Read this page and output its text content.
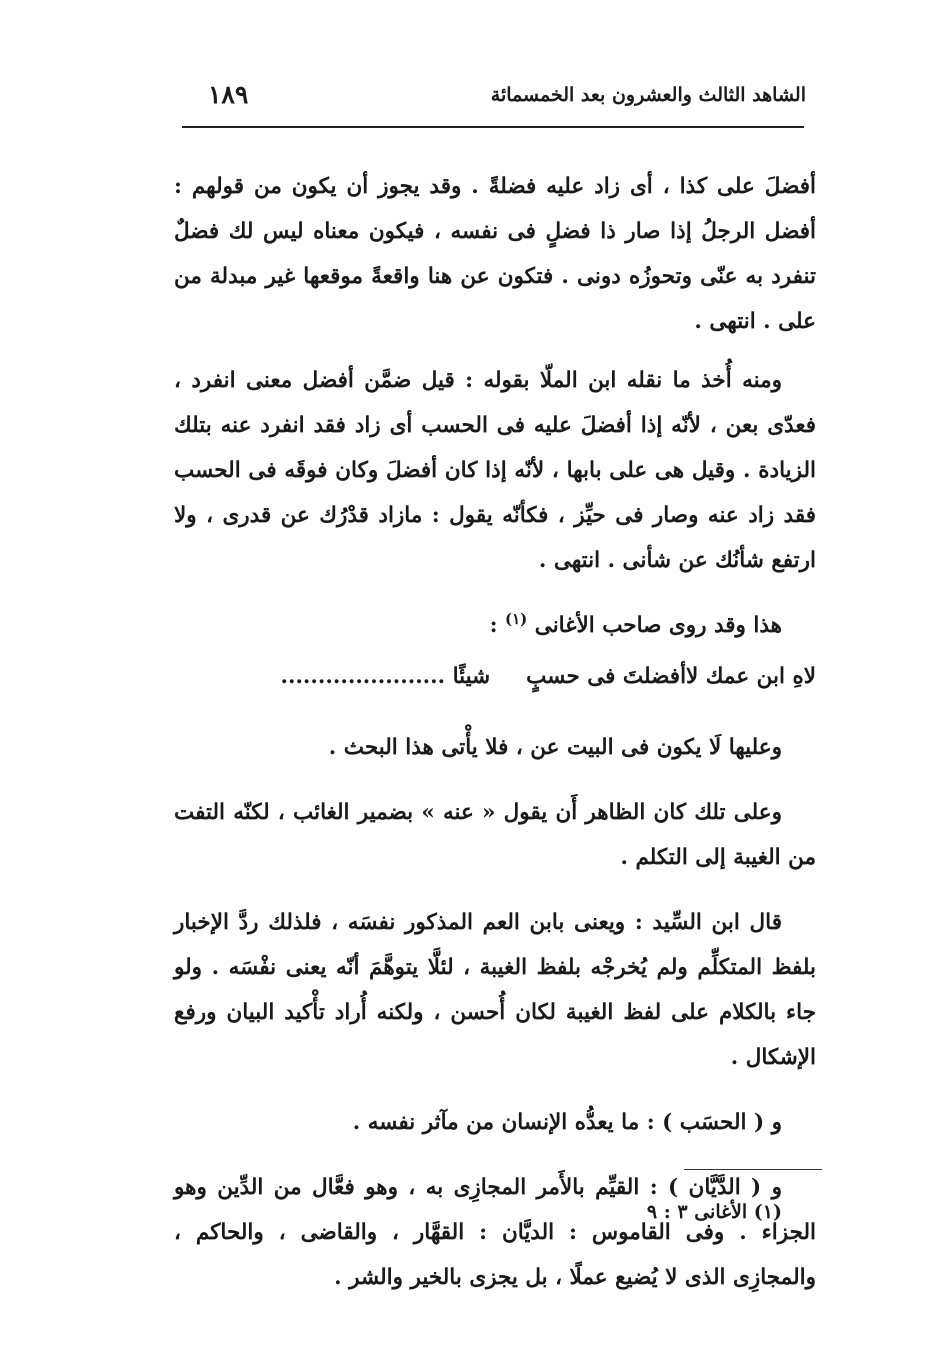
الشاهد الثالث والعشرون بعد الخمسمائة
١٨٩

أفضلَ على كذا ، أى زاد عليه فضلةً . وقد يجوز أن يكون من قولهم : أفضل الرجلُ إذا صار ذا فضلٍ فى نفسه ، فيكون معناه ليس لك فضلٌ تنفرد به عنّى وتحوزُه دونى . فتكون عن هنا واقعةً موقعها غير مبدلة من على . انتهى .

ومنه أُخذ ما نقله ابن الملّا بقوله : قيل ضمَّن أفضل معنى انفرد ، فعدّى بعن ، لأنّه إذا أفضلَ عليه فى الحسب أى زاد فقد انفرد عنه بتلك الزيادة . وقيل هى على بابها ، لأنّه إذا كان أفضلَ وكان فوقَه فى الحسب فقد زاد عنه وصار فى حيِّز ، فكأنّه يقول : مازاد قدْرُك عن قدرى ، ولا ارتفع شأنُك عن شأنى . انتهى .

هذا وقد روى صاحب الأغانى $^{(١)}$ :

لاهِ ابن عمك لاأفضلتَ فى حسبٍ
شيئًا ......................

وعليها لَا يكون فى البيت عن ، فلا يأْتى هذا البحث .

وعلى تلك كان الظاهر أَن يقول « عنه » بضمير الغائب ، لكنّه التفت من الغيبة إلى التكلم .

قال ابن السِّيد : ويعنى بابن العم المذكور نفسَه ، فلذلك ردَّ الإخبار بلفظ المتكلِّم ولم يُخرجْه بلفظ الغيبة ، لئلَّا يتوهَّمَ أنّه يعنى نفْسَه . ولو جاء بالكلام على لفظ الغيبة لكان أُحسن ، ولكنه أُراد تأْكيد البيان ورفع الإشكال .

و ( الحسَب ) : ما يعدُّه الإنسان من مآثر نفسه .

و ( الدَّيَّان ) : القيِّم بالأَمر المجازِى به ، وهو فعَّال من الدِّين وهو الجزاء . وفى القاموس : الديَّان : القهَّار ، والقاضى ، والحاكم ، والمجازِى الذى لا يُضيع عملًا ، بل يجزى بالخير والشر .

(١) الأغانى ٣ : ٩
